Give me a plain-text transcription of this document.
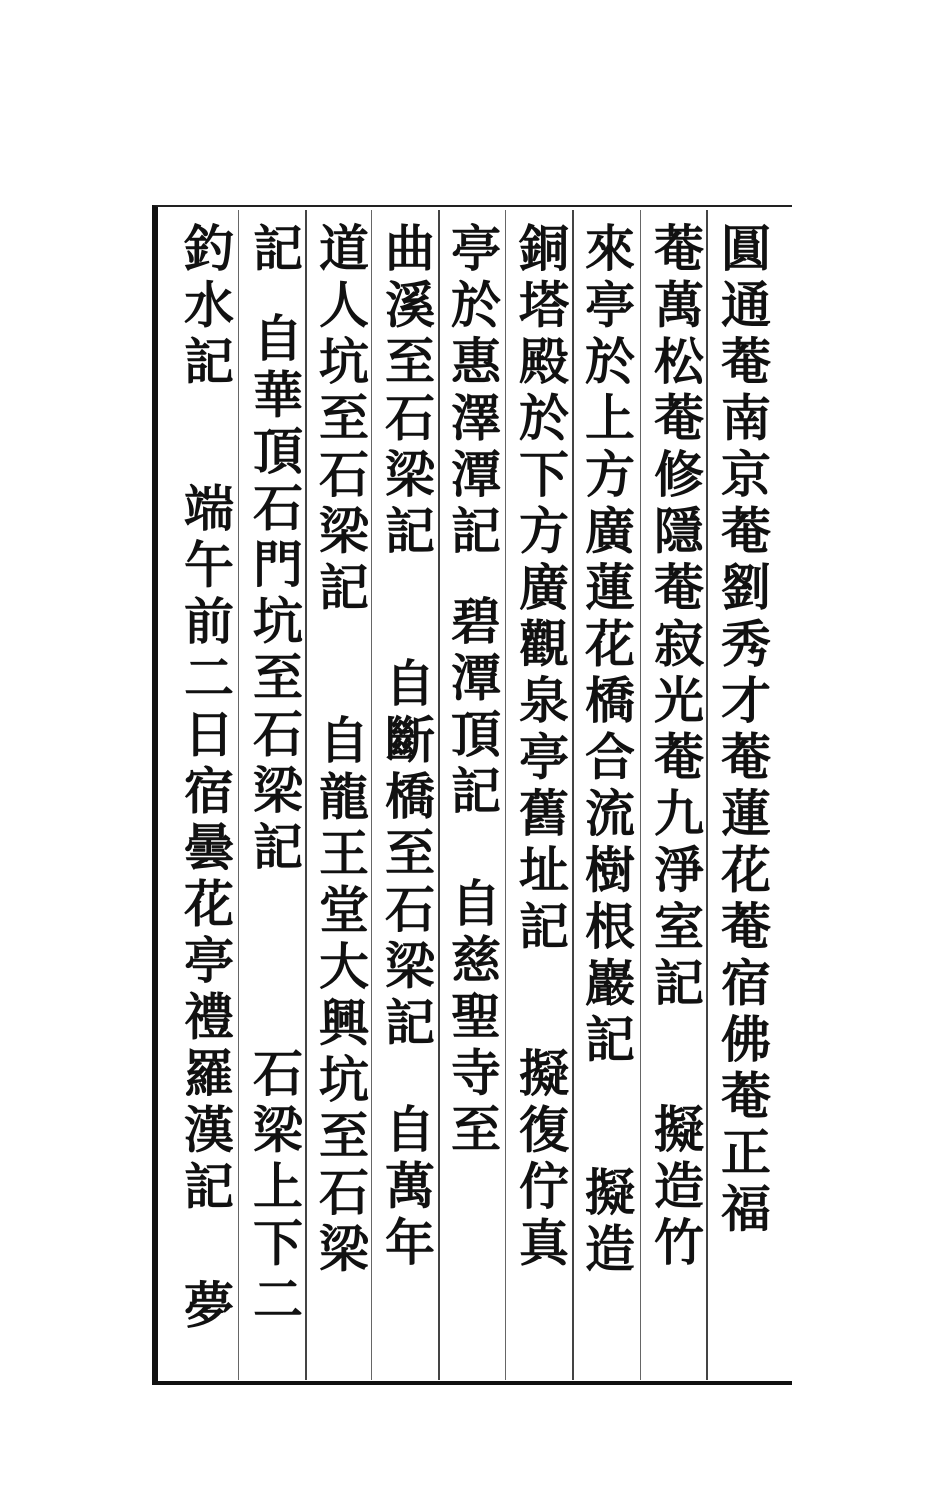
圓通菴南京菴劉秀才菴蓮花菴宿佛菴正福
菴萬松菴修隱菴寂光菴九淨室記
擬造竹
來亭於上方廣蓮花橋合流樹根巖記
擬造
銅塔殿於下方廣觀泉亭舊址記
擬復佇真
亭於惠澤潭記
碧潭頂記
自慈聖寺至
曲溪至石梁記
自斷橋至石梁記
自萬年
道人坑至石梁記
自龍王堂大興坑至石梁
記
自華頂石門坑至石梁記
石梁上下二
釣水記
端午前二日宿曇花亭禮羅漢記
夢
